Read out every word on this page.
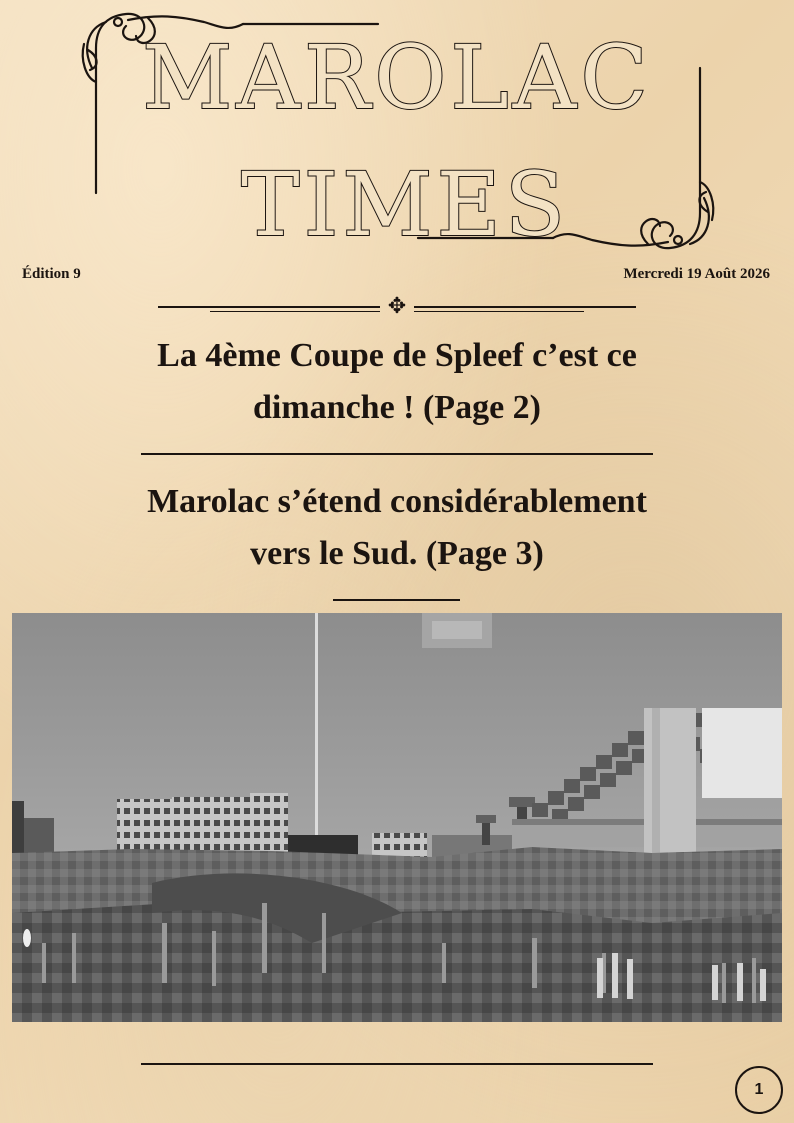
MAROLAC
TIMES
Édition 9	Mercredi 19 Août 2026
✥
La 4ème Coupe de Spleef c’est ce
dimanche ! (Page 2)
Marolac s’étend considérablement
vers le Sud. (Page 3)
1
